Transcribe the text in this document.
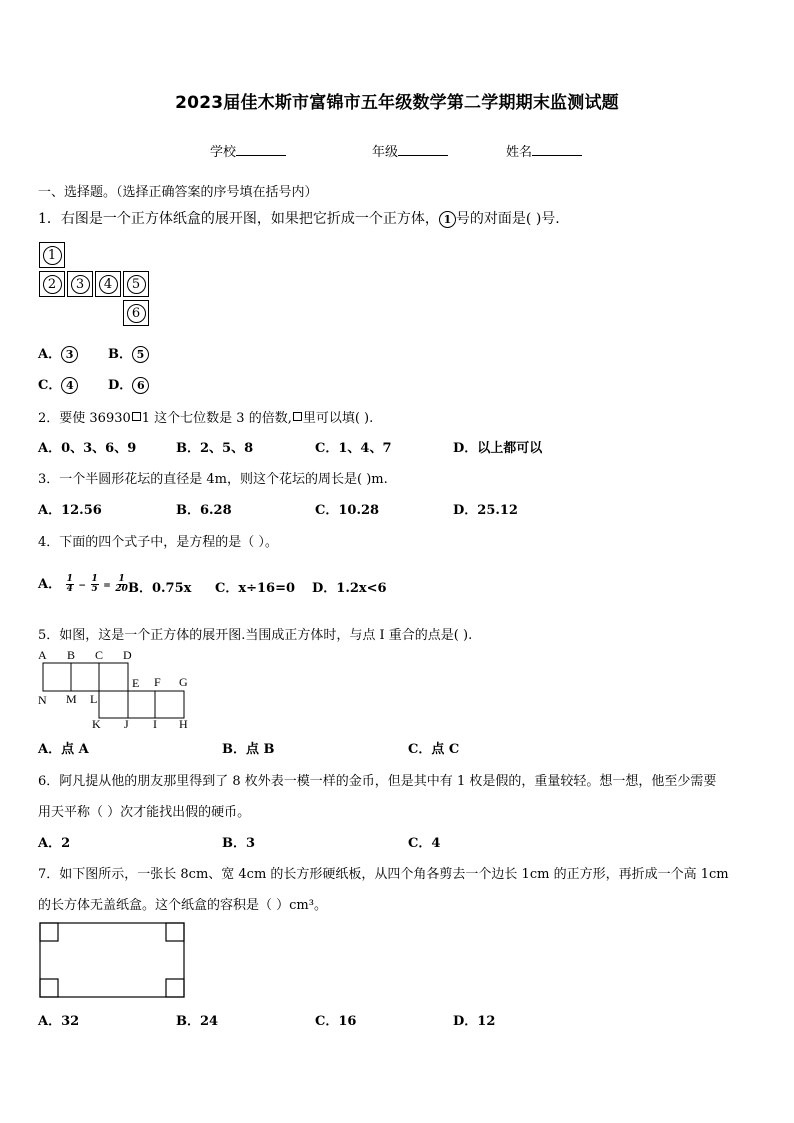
2023届佳木斯市富锦市五年级数学第二学期期末监测试题
学校	年级	姓名
一、选择题。（选择正确答案的序号填在括号内）
1．右图是一个正方体纸盒的展开图，如果把它折成一个正方体， 1 号的对面是( )号.
1
2	3	4	5
6
A． 3	B． 5
C． 4	D． 6
2．要使 36930 1 这个七位数是 3 的倍数, 里可以填( ).
A．0、3、6、9	B．2、5、8	C．1、4、7	D．以上都可以
3．一个半圆形花坛的直径是 4m，则这个花坛的周长是( )m.
A．12.56	B．6.28	C．10.28	D．25.12
4．下面的四个式子中，是方程的是（ ）。
A． $\frac{1}{4} - \frac{1}{5} = \frac{1}{20}$ B．0.75x C．x÷16=0 D．1.2x<6
5．如图，这是一个正方体的展开图.当围成正方体时，与点 I 重合的点是( ).
A B C D
E F G
N M L
K J I H
A．点 A	B．点 B	C．点 C
6．阿凡提从他的朋友那里得到了 8 枚外表一模一样的金币，但是其中有 1 枚是假的，重量较轻。想一想，他至少需要
用天平称（ ）次才能找出假的硬币。
A．2	B．3	C．4
7．如下图所示，一张长 8cm、宽 4cm 的长方形硬纸板，从四个角各剪去一个边长 1cm 的正方形，再折成一个高 1cm
的长方体无盖纸盒。这个纸盒的容积是（ ）cm³。
A．32	B．24	C．16	D．12
